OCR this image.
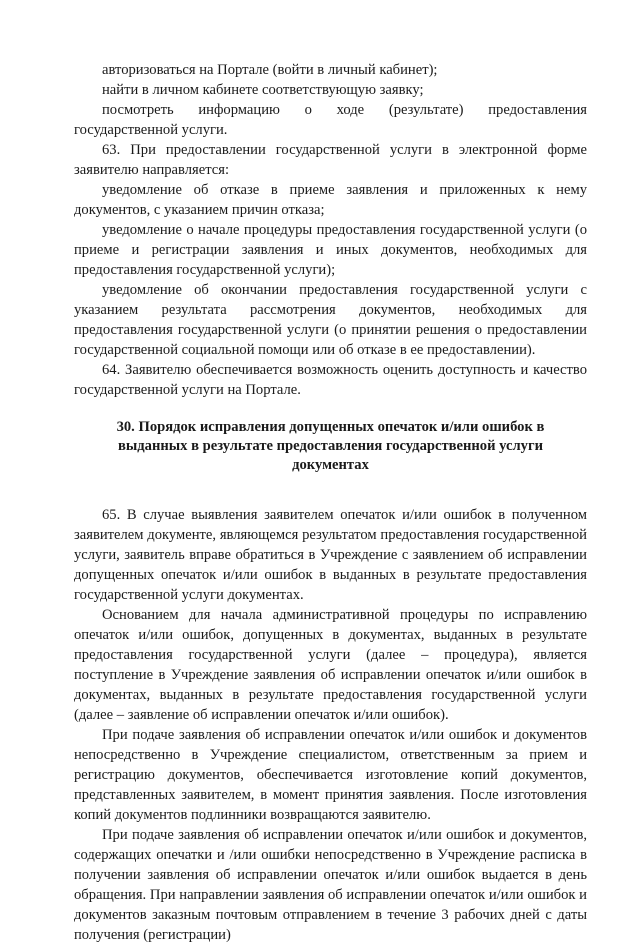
авторизоваться на Портале (войти в личный кабинет);

найти в личном кабинете соответствующую заявку;

посмотреть информацию о ходе (результате) предоставления государственной услуги.

63. При предоставлении государственной услуги в электронной форме заявителю направляется:

уведомление об отказе в приеме заявления и приложенных к нему документов, с указанием причин отказа;

уведомление о начале процедуры предоставления государственной услуги (о приеме и регистрации заявления и иных документов, необходимых для предоставления государственной услуги);

уведомление об окончании предоставления государственной услуги с указанием результата рассмотрения документов, необходимых для предоставления государственной услуги (о принятии решения о предоставлении государственной социальной помощи или об отказе в ее предоставлении).

64. Заявителю обеспечивается возможность оценить доступность и качество государственной услуги на Портале.

30. Порядок исправления допущенных опечаток и/или ошибок в выданных в результате предоставления государственной услуги документах

65. В случае выявления заявителем опечаток и/или ошибок в полученном заявителем документе, являющемся результатом предоставления государственной услуги, заявитель вправе обратиться в Учреждение с заявлением об исправлении допущенных опечаток и/или ошибок в выданных в результате предоставления государственной услуги документах.

Основанием для начала административной процедуры по исправлению опечаток и/или ошибок, допущенных в документах, выданных в результате предоставления государственной услуги (далее – процедура), является поступление в Учреждение заявления об исправлении опечаток и/или ошибок в документах, выданных в результате предоставления государственной услуги (далее – заявление об исправлении опечаток и/или ошибок).

При подаче заявления об исправлении опечаток и/или ошибок и документов непосредственно в Учреждение специалистом, ответственным за прием и регистрацию документов, обеспечивается изготовление копий документов, представленных заявителем, в момент принятия заявления. После изготовления копий документов подлинники возвращаются заявителю.

При подаче заявления об исправлении опечаток и/или ошибок и документов, содержащих опечатки и /или ошибки непосредственно в Учреждение расписка в получении заявления об исправлении опечаток и/или ошибок выдается в день обращения. При направлении заявления об исправлении опечаток и/или ошибок и документов заказным почтовым отправлением в течение 3 рабочих дней с даты получения (регистрации)
